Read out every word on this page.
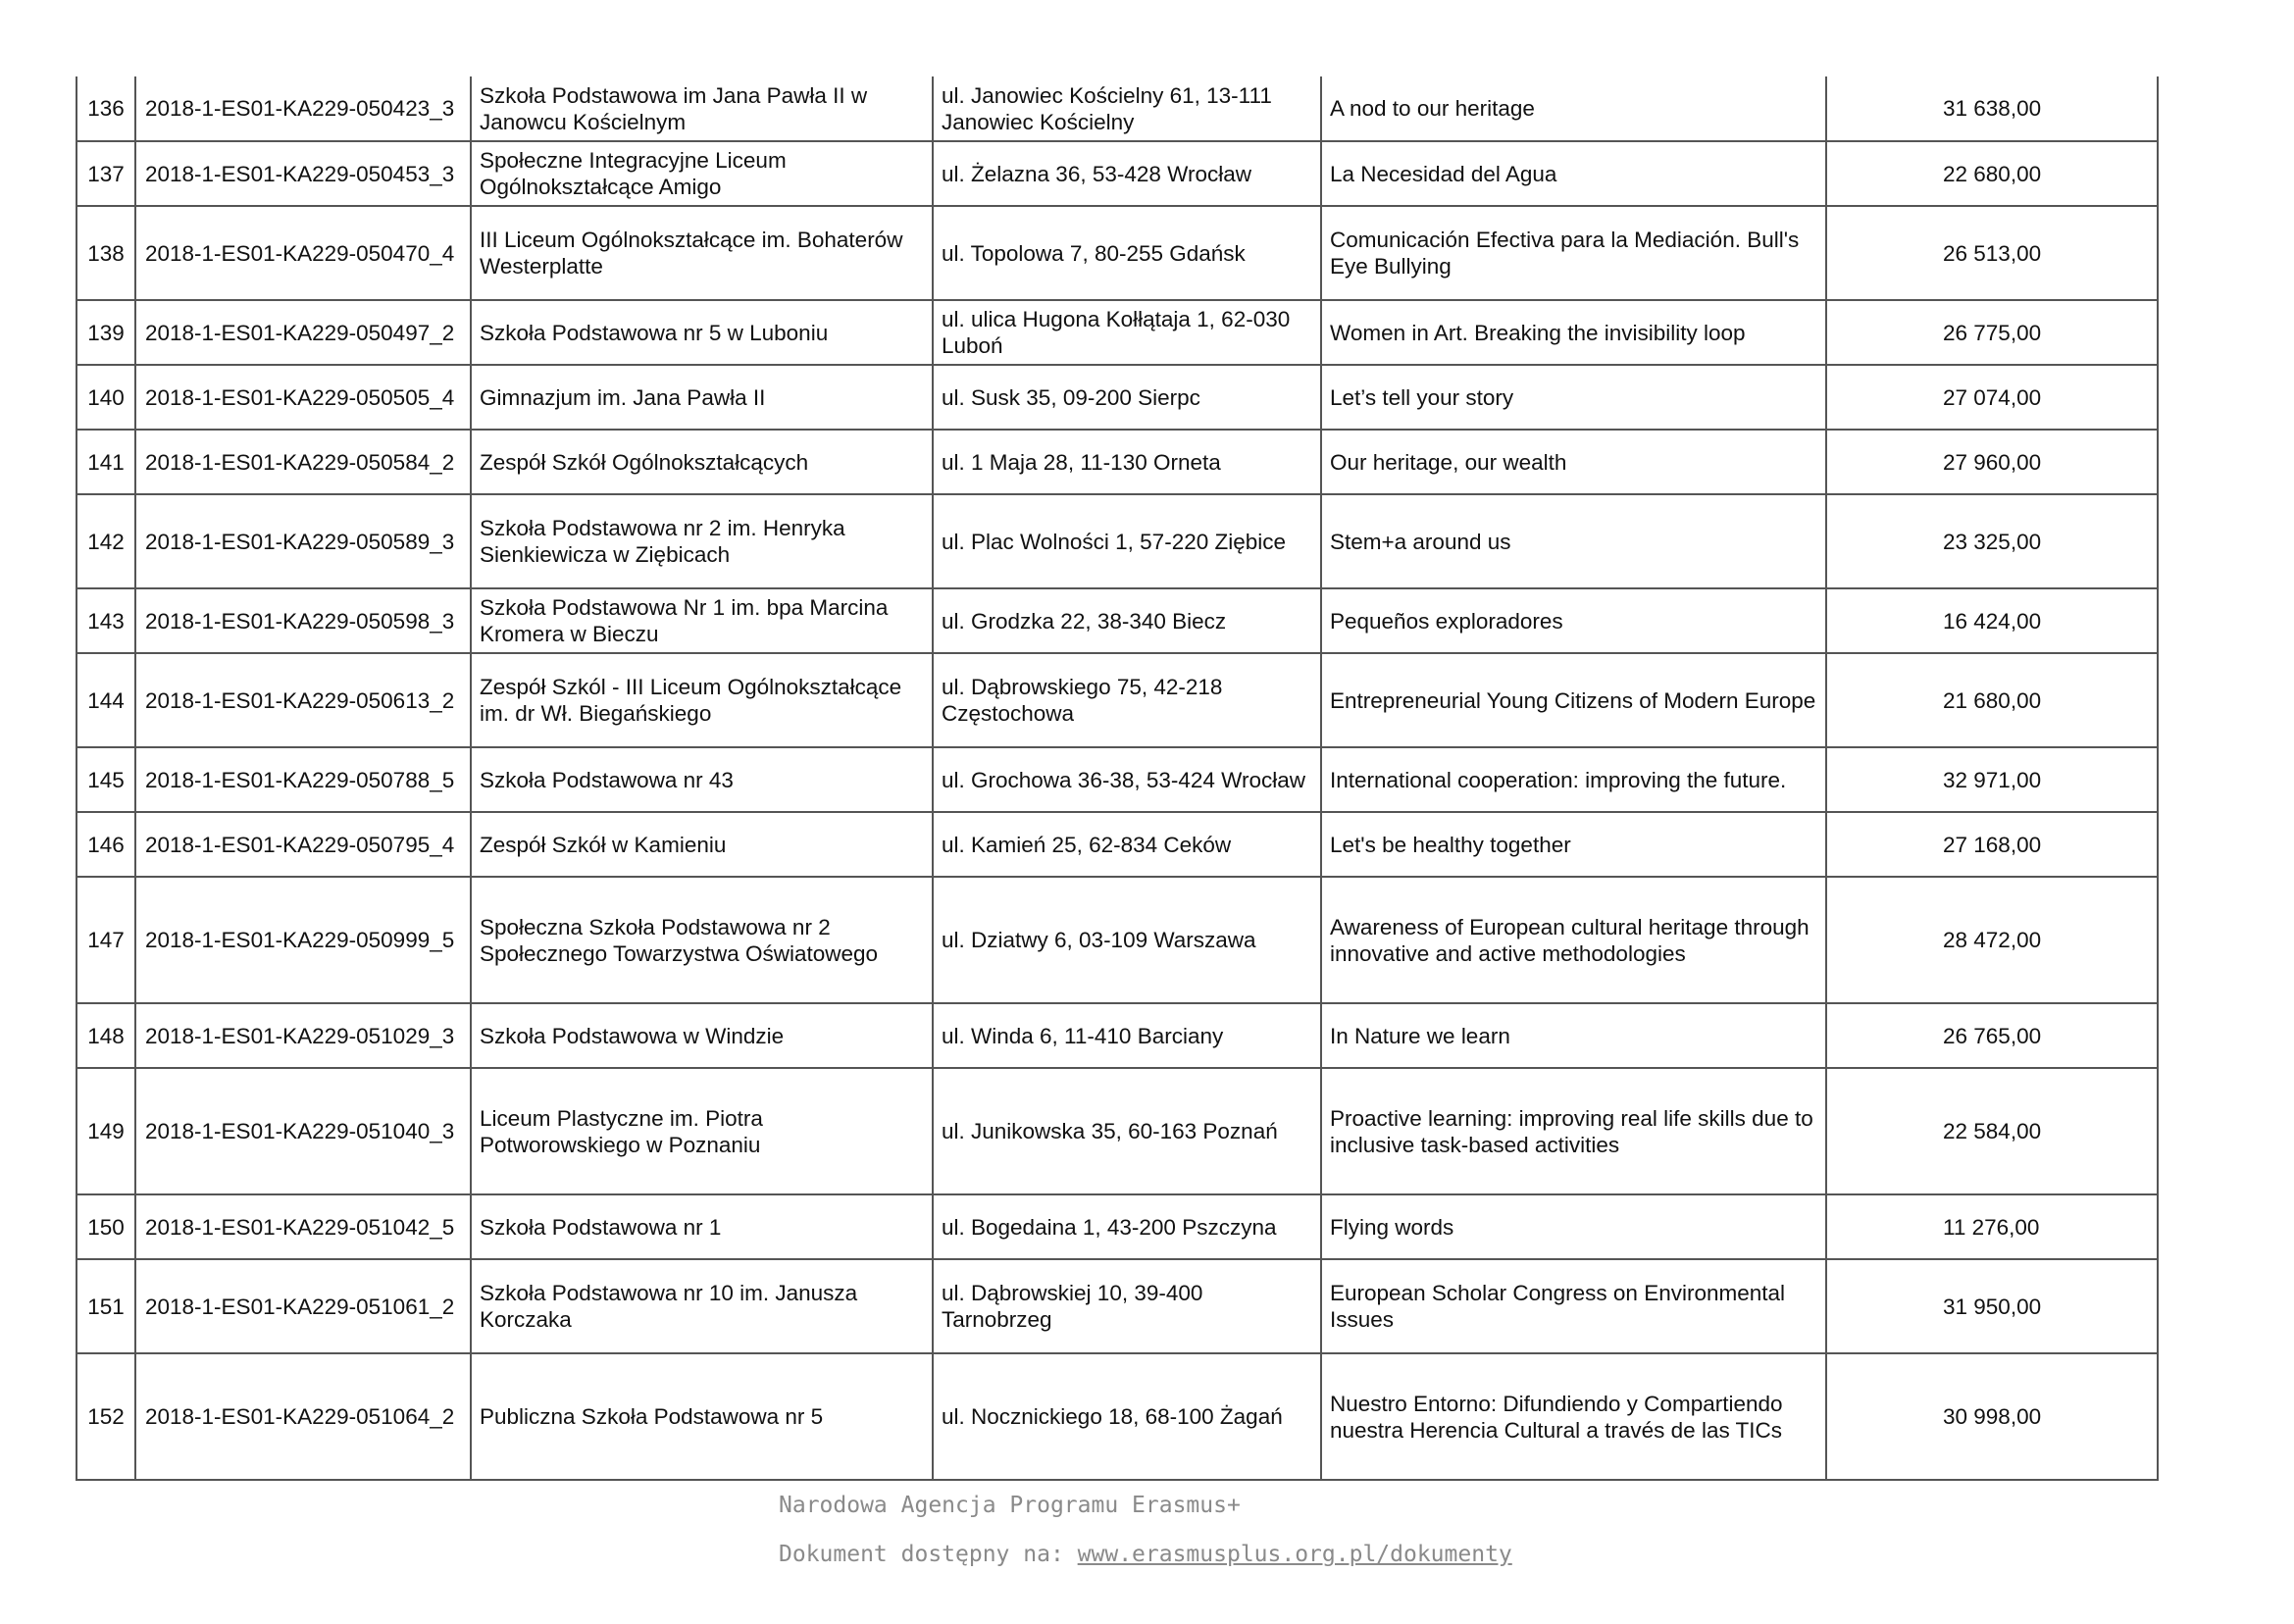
136	2018-1-ES01-KA229-050423_3	Szkoła Podstawowa im Jana Pawła II w Janowcu Kościelnym	ul. Janowiec Kościelny 61, 13-111 Janowiec Kościelny	A nod to our heritage	31 638,00
137	2018-1-ES01-KA229-050453_3	Społeczne Integracyjne Liceum Ogólnokształcące Amigo	ul. Żelazna 36, 53-428 Wrocław	La Necesidad del Agua	22 680,00
138	2018-1-ES01-KA229-050470_4	III Liceum Ogólnokształcące im. Bohaterów Westerplatte	ul. Topolowa 7, 80-255 Gdańsk	Comunicación Efectiva para la Mediación. Bull's Eye Bullying	26 513,00
139	2018-1-ES01-KA229-050497_2	Szkoła Podstawowa nr 5 w Luboniu	ul. ulica Hugona Kołłątaja 1, 62-030 Luboń	Women in Art. Breaking the invisibility loop	26 775,00
140	2018-1-ES01-KA229-050505_4	Gimnazjum im. Jana Pawła II	ul. Susk 35, 09-200 Sierpc	Let’s tell your story	27 074,00
141	2018-1-ES01-KA229-050584_2	Zespół Szkół Ogólnokształcących	ul. 1 Maja 28, 11-130 Orneta	Our heritage, our wealth	27 960,00
142	2018-1-ES01-KA229-050589_3	Szkoła Podstawowa nr 2 im. Henryka Sienkiewicza w Ziębicach	ul. Plac Wolności 1, 57-220 Ziębice	Stem+a around us	23 325,00
143	2018-1-ES01-KA229-050598_3	Szkoła Podstawowa Nr 1 im. bpa Marcina Kromera w Bieczu	ul. Grodzka 22, 38-340 Biecz	Pequeños exploradores	16 424,00
144	2018-1-ES01-KA229-050613_2	Zespół Szkól - III Liceum Ogólnokształcące im. dr Wł. Biegańskiego	ul. Dąbrowskiego 75, 42-218 Częstochowa	Entrepreneurial Young Citizens of Modern Europe	21 680,00
145	2018-1-ES01-KA229-050788_5	Szkoła Podstawowa nr 43	ul. Grochowa 36-38, 53-424 Wrocław	International cooperation: improving the future.	32 971,00
146	2018-1-ES01-KA229-050795_4	Zespół Szkół w Kamieniu	ul. Kamień 25, 62-834 Ceków	Let's be healthy together	27 168,00
147	2018-1-ES01-KA229-050999_5	Społeczna Szkoła Podstawowa nr 2 Społecznego Towarzystwa Oświatowego	ul. Dziatwy 6, 03-109 Warszawa	Awareness of European cultural heritage through innovative and active methodologies	28 472,00
148	2018-1-ES01-KA229-051029_3	Szkoła Podstawowa w Windzie	ul. Winda 6, 11-410 Barciany	In Nature we learn	26 765,00
149	2018-1-ES01-KA229-051040_3	Liceum Plastyczne im. Piotra Potworowskiego w Poznaniu	ul. Junikowska 35, 60-163 Poznań	Proactive learning: improving real life skills due to inclusive task-based activities	22 584,00
150	2018-1-ES01-KA229-051042_5	Szkoła Podstawowa nr 1	ul. Bogedaina 1, 43-200 Pszczyna	Flying words	11 276,00
151	2018-1-ES01-KA229-051061_2	Szkoła Podstawowa nr 10 im. Janusza Korczaka	ul. Dąbrowskiej 10, 39-400 Tarnobrzeg	European Scholar Congress on Environmental Issues	31 950,00
152	2018-1-ES01-KA229-051064_2	Publiczna Szkoła Podstawowa nr 5	ul. Nocznickiego 18, 68-100 Żagań	Nuestro Entorno: Difundiendo y Compartiendo nuestra Herencia Cultural a través de las TICs	30 998,00
Narodowa Agencja Programu Erasmus+
Dokument dostępny na: www.erasmusplus.org.pl/dokumenty
